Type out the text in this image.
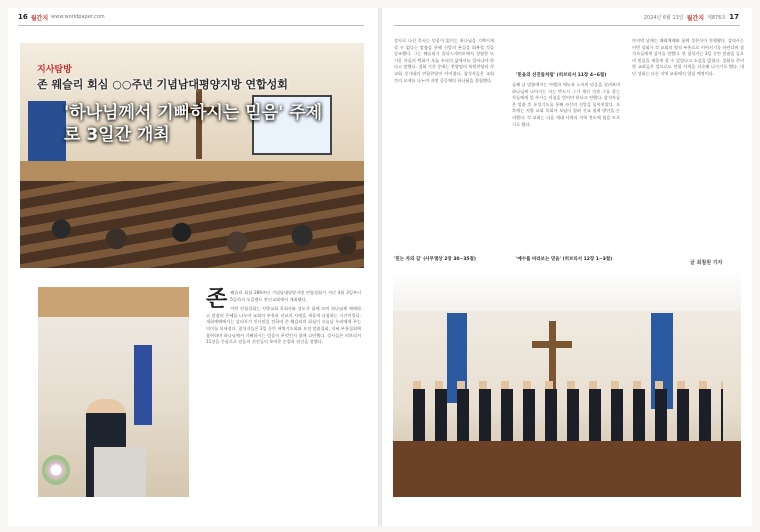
16 월간지 www.worldpaper.com	2024년 6월 13일 월간지 제876호 17
지사탐방
존 웨슬리 회심 ○○주년 기념남대평양지방 연합성회
'하나님께서 기뻐하시는 믿음' 주제로 3일간 개최
존 웨슬리 회심 286주년 기념남대평양지방 연합성회가 지난 4월 3일부터 5일까지 오클랜드 한인교회에서 개최됐다.

이번 연합성회는 지방교회 목회자와 성도가 함께 모여 하나님께 예배하고 말씀의 은혜를 나누며 교회의 부흥과 선교의 사명을 새롭게 다짐하는 시간이었다. 개회예배에서는 감리사가 인사말을 전하며 존 웨슬리의 회심이 오늘날 우리에게 주는 의미를 되새겼다. 참석자들은 3일 동안 새벽기도회와 오전 말씀집회, 저녁 부흥집회에 참여하며 하나님께서 기뻐하시는 믿음이 무엇인지 함께 고민했다. 강사들은 히브리서 11장을 중심으로 믿음의 선진들이 보여준 순종과 헌신을 전했다.

강사로 나선 목사는 믿음이 없이는 하나님을 기쁘시게 할 수 없다는 말씀을 통해 신앙의 본질을 회복할 것을 강조했다. 그는 웨슬리가 올더스게이트에서 경험한 뜨거운 마음의 변화가 오늘 우리의 삶에서도 일어나야 한다고 말했다. 집회 기간 중에는 찬양팀의 특별찬양과 각 교회 성가대의 연합찬양이 이어졌다. 참석자들은 교회 간의 교제를 나누며 지방 공동체의 하나됨을 경험했다.

'믿음의 선진들처럼' (히브리서 11장 4~6절)

둘째 날 말씀에서는 아벨과 에녹과 노아의 믿음을 살펴보며 하나님께 나아가는 자는 반드시 그가 계신 것과 그를 찾는 자들에게 상 주시는 이심을 믿어야 한다고 전했다. 참석자들은 말씀 후 통성기도를 통해 자신의 신앙을 돌아보았다. 오후에는 지방 교회 목회자 모임이 열려 선교 협력 방안을 논의했다. 각 교회는 다음 세대 사역과 지역 전도에 힘을 모으기로 했다.

마지막 날에는 폐회예배와 함께 성찬식이 진행됐다. 감리사는 이번 성회가 각 교회의 영적 부흥으로 이어지기를 바란다며 참석자들에게 감사를 전했다. 한 참석자는 3일 동안 말씀을 들으며 믿음을 새롭게 할 수 있었다고 소감을 밝혔다. 성회를 준비한 교회들은 앞으로도 연합 사역을 지속해 나가기로 했다. 내년 성회는 다른 지역 교회에서 열릴 예정이다.

'믿는 자의 길' (사무엘상 2장 30~35절)	'예수를 바라보는 믿음' (히브리서 12장 1~3절)
글 최철원 기자
